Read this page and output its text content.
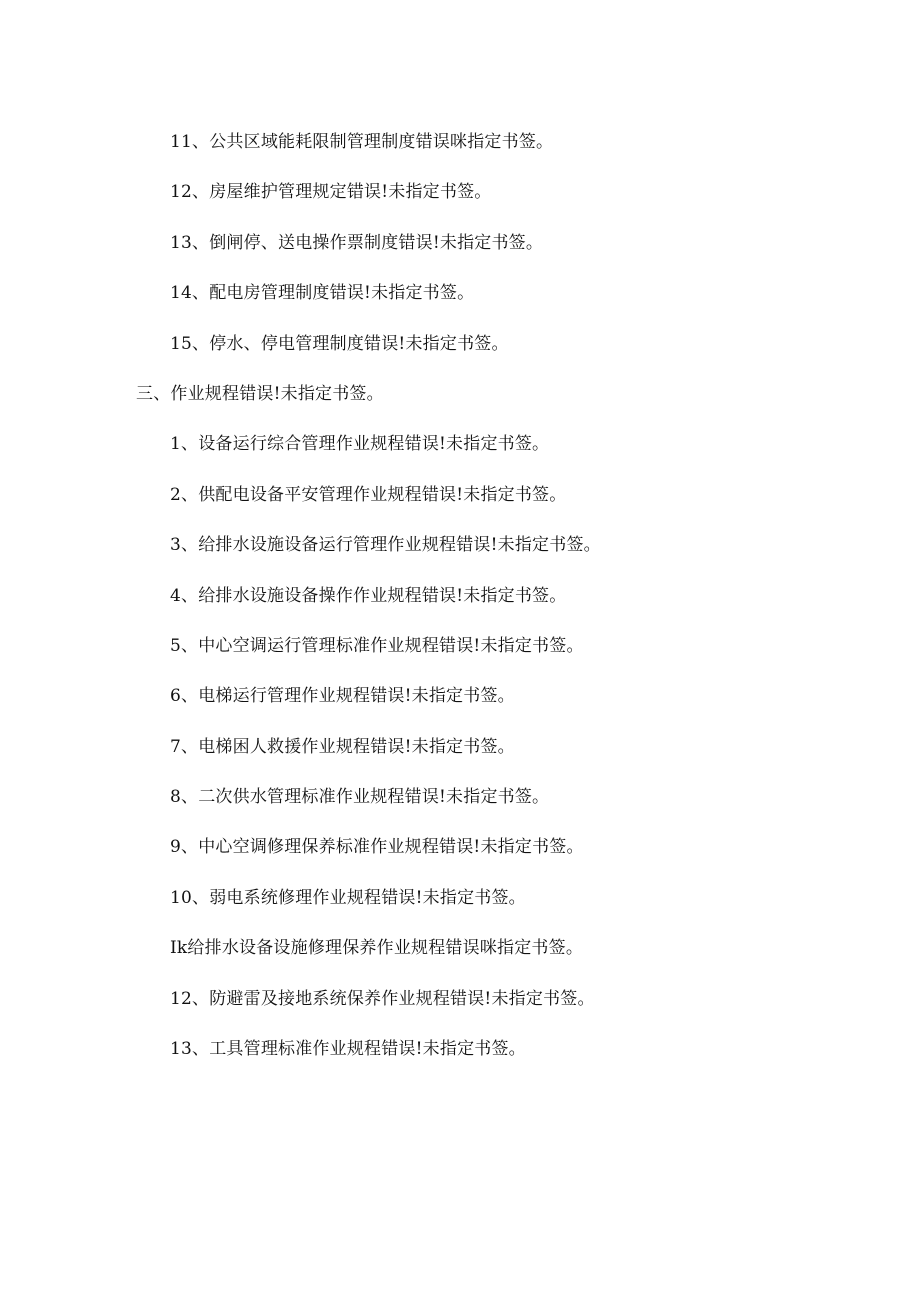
11、公共区域能耗限制管理制度错误咪指定书签。
12、房屋维护管理规定错误!未指定书签。
13、倒闸停、送电操作票制度错误!未指定书签。
14、配电房管理制度错误!未指定书签。
15、停水、停电管理制度错误!未指定书签。
三、作业规程错误!未指定书签。
1、设备运行综合管理作业规程错误!未指定书签。
2、供配电设备平安管理作业规程错误!未指定书签。
3、给排水设施设备运行管理作业规程错误!未指定书签。
4、给排水设施设备操作作业规程错误!未指定书签。
5、中心空调运行管理标准作业规程错误!未指定书签。
6、电梯运行管理作业规程错误!未指定书签。
7、电梯困人救援作业规程错误!未指定书签。
8、二次供水管理标准作业规程错误!未指定书签。
9、中心空调修理保养标准作业规程错误!未指定书签。
10、弱电系统修理作业规程错误!未指定书签。
Ik给排水设备设施修理保养作业规程错误咪指定书签。
12、防避雷及接地系统保养作业规程错误!未指定书签。
13、工具管理标准作业规程错误!未指定书签。
